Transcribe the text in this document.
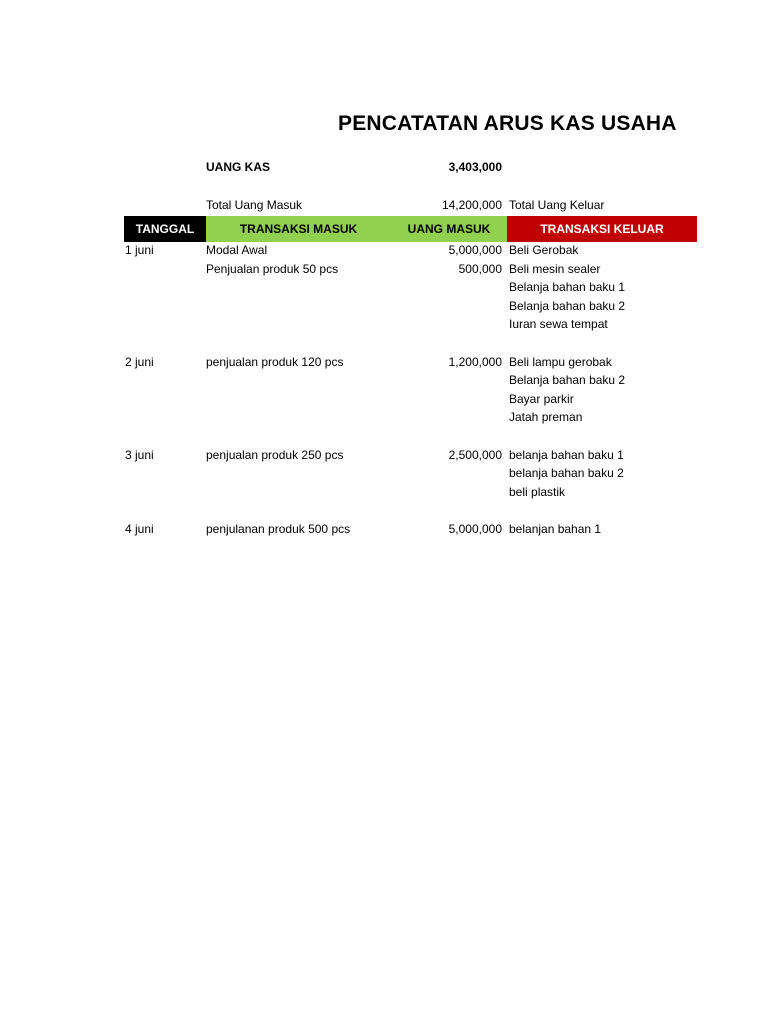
PENCATATAN ARUS KAS USAHA
UANG KAS	3,403,000
Total Uang Masuk	14,200,000 Total Uang Keluar
TANGGAL	TRANSAKSI MASUK	UANG MASUK	TRANSAKSI KELUAR
1 juni	Modal Awal	5,000,000 Beli Gerobak
Penjualan produk 50 pcs	500,000 Beli mesin sealer
Belanja bahan baku 1
Belanja bahan baku 2
Iuran sewa tempat
2 juni	penjualan produk 120 pcs	1,200,000 Beli lampu gerobak
Belanja bahan baku 2
Bayar parkir
Jatah preman
3 juni	penjualan produk 250 pcs	2,500,000 belanja bahan baku 1
belanja bahan baku 2
beli plastik
4 juni	penjulanan produk 500 pcs	5,000,000 belanjan bahan 1
